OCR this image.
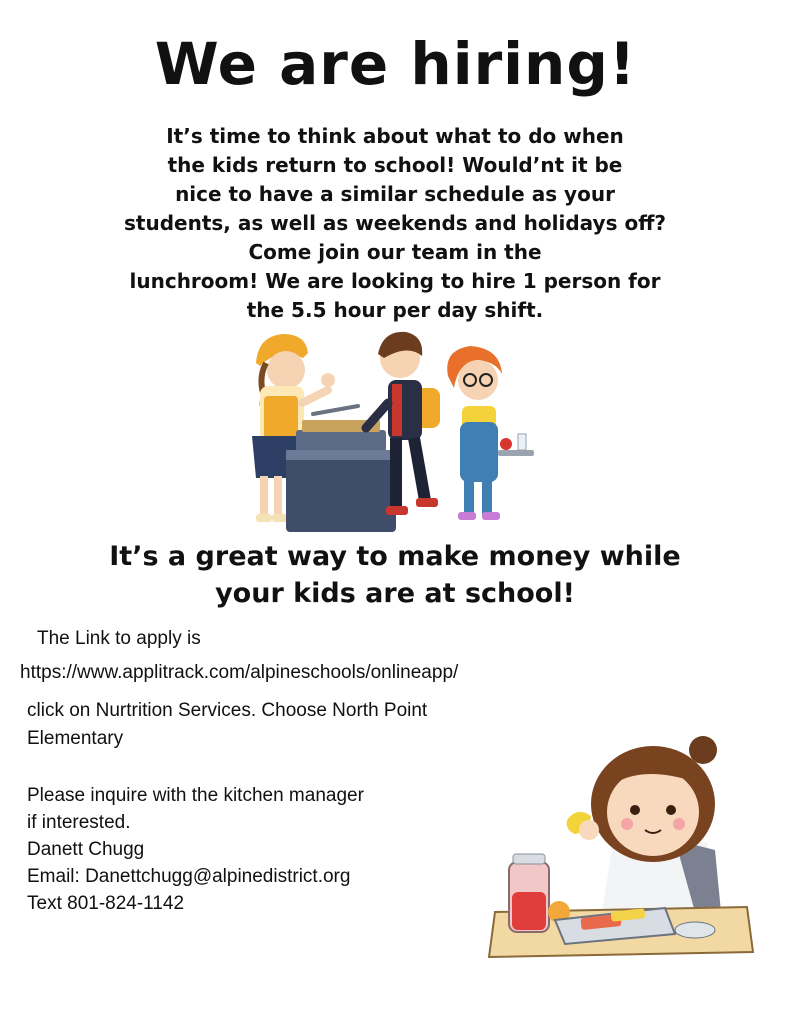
We are hiring!
It’s time to think about what to do when
the kids return to school! Would’nt it be
nice to have a similar schedule as your
students, as well as weekends and holidays off?
Come join our team in the
lunchroom! We are looking to hire 1 person for
the 5.5 hour per day shift.
It’s a great way to make money while
your kids are at school!
The Link to apply is
https://www.applitrack.com/alpineschools/onlineapp/
click on Nurtrition Services. Choose North Point
Elementary
Please inquire with the kitchen manager
if interested.
Danett Chugg
Email: Danettchugg@alpinedistrict.org
Text 801-824-1142
